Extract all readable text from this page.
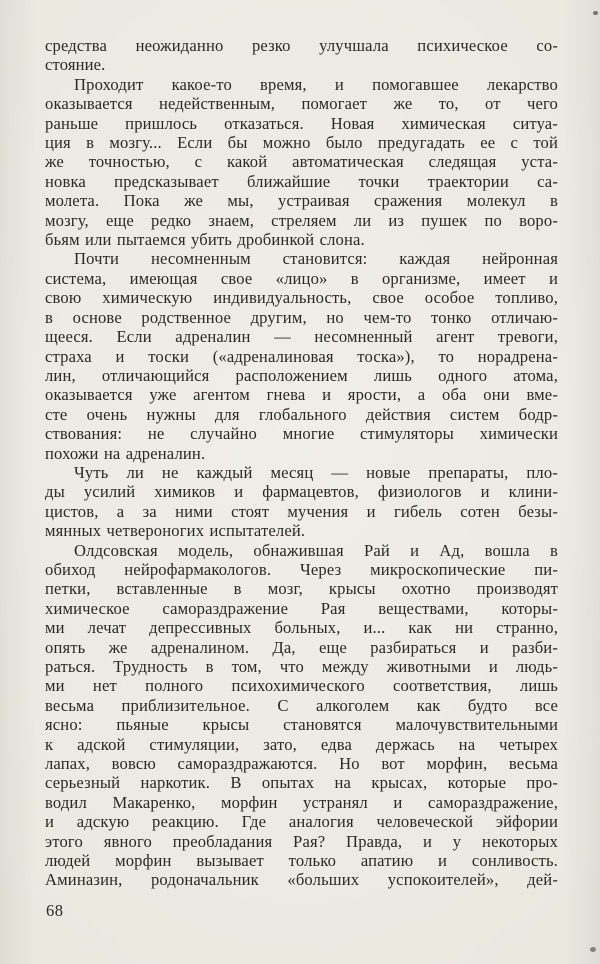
средства неожиданно резко улучшала психическое со-
стояние.

Проходит какое-то время, и помогавшее лекарство
оказывается недейственным, помогает же то, от чего
раньше пришлось отказаться. Новая химическая ситуа-
ция в мозгу... Если бы можно было предугадать ее с той
же точностью, с какой автоматическая следящая уста-
новка предсказывает ближайшие точки траектории са-
молета. Пока же мы, устраивая сражения молекул в
мозгу, еще редко знаем, стреляем ли из пушек по воро-
бьям или пытаемся убить дробинкой слона.

Почти несомненным становится: каждая нейронная
система, имеющая свое «лицо» в организме, имеет и
свою химическую индивидуальность, свое особое топливо,
в основе родственное другим, но чем-то тонко отличаю-
щееся. Если адреналин — несомненный агент тревоги,
страха и тоски («адреналиновая тоска»), то норадрена-
лин, отличающийся расположением лишь одного атома,
оказывается уже агентом гнева и ярости, а оба они вме-
сте очень нужны для глобального действия систем бодр-
ствования: не случайно многие стимуляторы химически
похожи на адреналин.

Чуть ли не каждый месяц — новые препараты, пло-
ды усилий химиков и фармацевтов, физиологов и клини-
цистов, а за ними стоят мучения и гибель сотен безы-
мянных четвероногих испытателей.

Олдсовская модель, обнажившая Рай и Ад, вошла в
обиход нейрофармакологов. Через микроскопические пи-
петки, вставленные в мозг, крысы охотно производят
химическое самораздражение Рая веществами, которы-
ми лечат депрессивных больных, и... как ни странно,
опять же адреналином. Да, еще разбираться и разби-
раться. Трудность в том, что между животными и людь-
ми нет полного психохимического соответствия, лишь
весьма приблизительное. С алкоголем как будто все
ясно: пьяные крысы становятся малочувствительными
к адской стимуляции, зато, едва держась на четырех
лапах, вовсю самораздражаются. Но вот морфин, весьма
серьезный наркотик. В опытах на крысах, которые про-
водил Макаренко, морфин устранял и самораздражение,
и адскую реакцию. Где аналогия человеческой эйфории
этого явного преобладания Рая? Правда, и у некоторых
людей морфин вызывает только апатию и сонливость.
Аминазин, родоначальник «больших успокоителей», дей-

68
